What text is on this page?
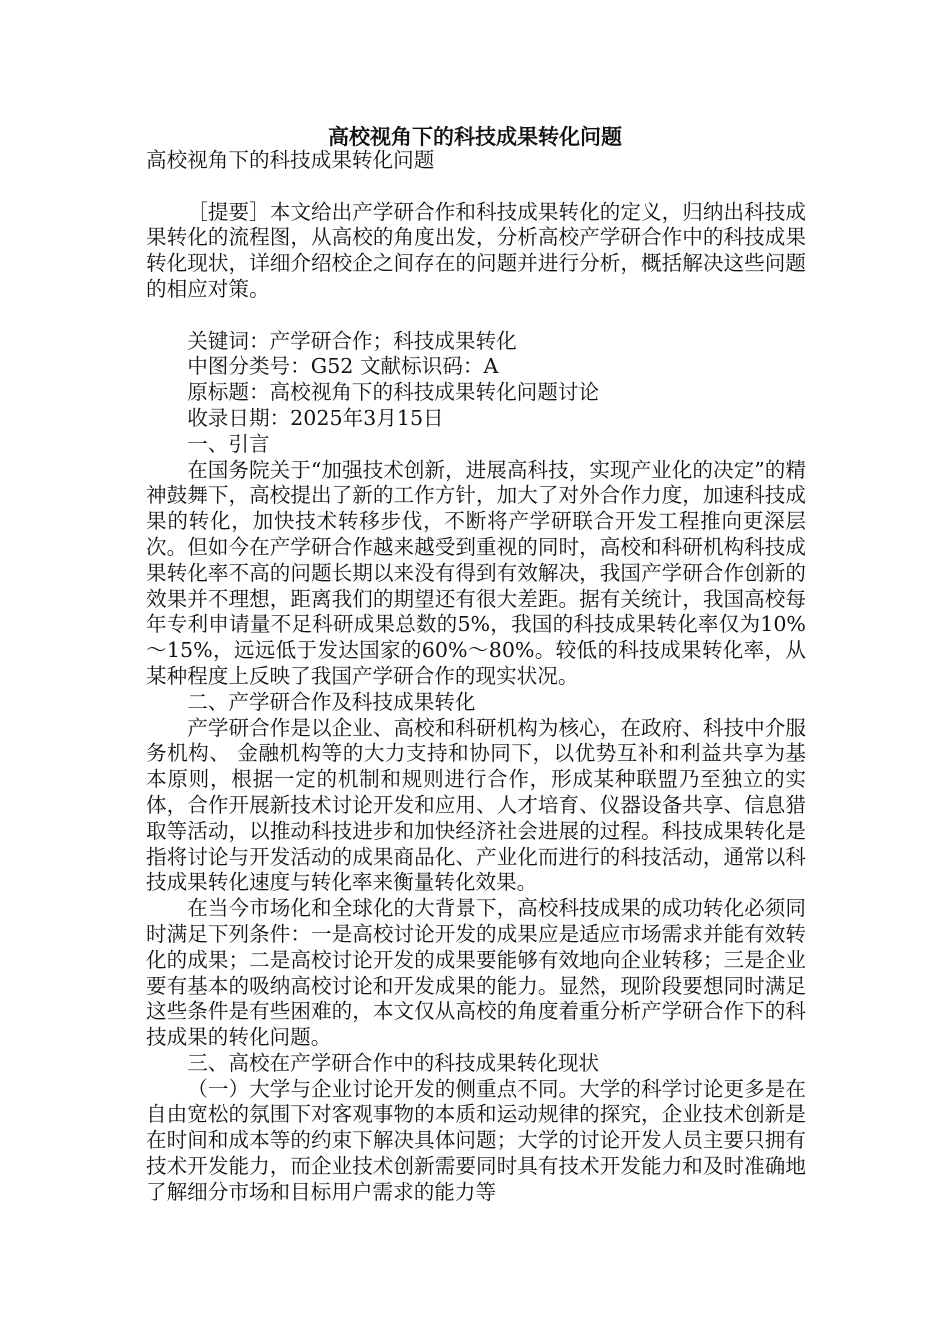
高校视角下的科技成果转化问题

高校视角下的科技成果转化问题

［提要］本文给出产学研合作和科技成果转化的定义，归纳出科技成果转化的流程图，从高校的角度出发，分析高校产学研合作中的科技成果转化现状，详细介绍校企之间存在的问题并进行分析，概括解决这些问题的相应对策。

关键词：产学研合作；科技成果转化

中图分类号：G52 文献标识码：A

原标题：高校视角下的科技成果转化问题讨论

收录日期：2025年3月15日

一、引言

在国务院关于“加强技术创新，进展高科技，实现产业化的决定”的精神鼓舞下，高校提出了新的工作方针，加大了对外合作力度，加速科技成果的转化，加快技术转移步伐，不断将产学研联合开发工程推向更深层次。但如今在产学研合作越来越受到重视的同时，高校和科研机构科技成果转化率不高的问题长期以来没有得到有效解决，我国产学研合作创新的效果并不理想，距离我们的期望还有很大差距。据有关统计，我国高校每年专利申请量不足科研成果总数的5%，我国的科技成果转化率仅为10%～15%，远远低于发达国家的60%～80%。较低的科技成果转化率，从某种程度上反映了我国产学研合作的现实状况。

二、产学研合作及科技成果转化

产学研合作是以企业、高校和科研机构为核心，在政府、科技中介服务机构、 金融机构等的大力支持和协同下，以优势互补和利益共享为基本原则，根据一定的机制和规则进行合作，形成某种联盟乃至独立的实体，合作开展新技术讨论开发和应用、人才培育、仪器设备共享、信息猎取等活动，以推动科技进步和加快经济社会进展的过程。科技成果转化是指将讨论与开发活动的成果商品化、产业化而进行的科技活动，通常以科技成果转化速度与转化率来衡量转化效果。

在当今市场化和全球化的大背景下，高校科技成果的成功转化必须同时满足下列条件：一是高校讨论开发的成果应是适应市场需求并能有效转化的成果；二是高校讨论开发的成果要能够有效地向企业转移；三是企业要有基本的吸纳高校讨论和开发成果的能力。显然，现阶段要想同时满足这些条件是有些困难的，本文仅从高校的角度着重分析产学研合作下的科技成果的转化问题。

三、高校在产学研合作中的科技成果转化现状

（一）大学与企业讨论开发的侧重点不同。大学的科学讨论更多是在自由宽松的氛围下对客观事物的本质和运动规律的探究，企业技术创新是在时间和成本等的约束下解决具体问题；大学的讨论开发人员主要只拥有技术开发能力，而企业技术创新需要同时具有技术开发能力和及时准确地了解细分市场和目标用户需求的能力等
